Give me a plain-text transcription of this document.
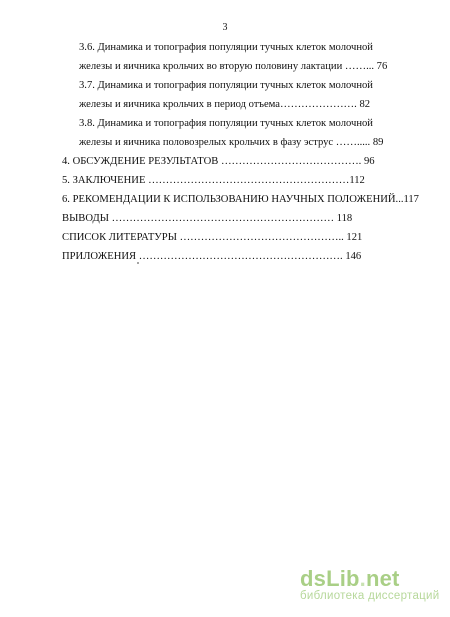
3
3.6. Динамика и топография популяции тучных клеток молочной
железы и яичника крольчих во вторую половину лактации ……... 76
3.7. Динамика и топография популяции тучных клеток молочной
железы и яичника крольчих в период отъема…………………. 82
3.8. Динамика и топография популяции тучных клеток молочной
железы и яичника половозрелых крольчих в фазу эструс ……..... 89
4. ОБСУЖДЕНИЕ РЕЗУЛЬТАТОВ …………………………………. 96
5. ЗАКЛЮЧЕНИЕ …………………………………………………112
6. РЕКОМЕНДАЦИИ К ИСПОЛЬЗОВАНИЮ НАУЧНЫХ ПОЛОЖЕНИЙ...117
ВЫВОДЫ ……………………………………………………… 118
СПИСОК ЛИТЕРАТУРЫ ……………………………………….. 121
ПРИЛОЖЕНИЯ …………………………………………………. 146
dsLib.net
библиотека диссертаций
